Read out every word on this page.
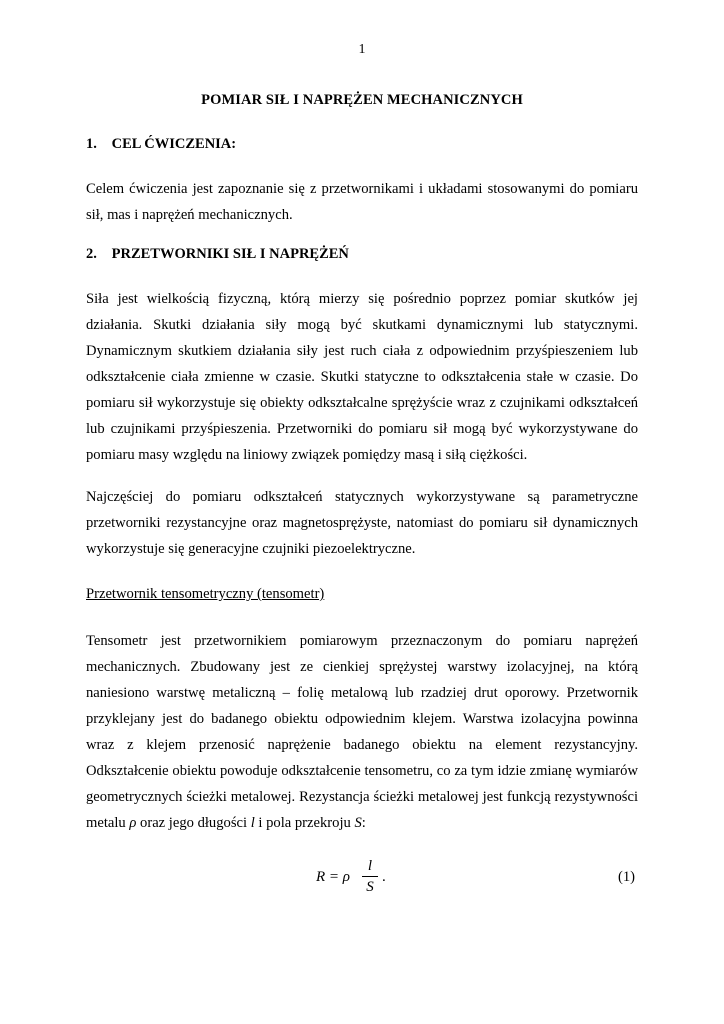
1
POMIAR SIŁ I NAPRĘŻEN MECHANICZNYCH
1. CEL ĆWICZENIA:
Celem ćwiczenia jest zapoznanie się z przetwornikami i układami stosowanymi do pomiaru
sił, mas i naprężeń mechanicznych.
2. PRZETWORNIKI SIŁ I NAPRĘŻEŃ
Siła jest wielkością fizyczną, którą mierzy się pośrednio poprzez pomiar skutków jej
działania. Skutki działania siły mogą być skutkami dynamicznymi lub statycznymi.
Dynamicznym skutkiem działania siły jest ruch ciała z odpowiednim przyśpieszeniem lub
odkształcenie ciała zmienne w czasie. Skutki statyczne to odkształcenia stałe w czasie. Do
pomiaru sił wykorzystuje się obiekty odkształcalne sprężyście wraz z czujnikami odkształceń
lub czujnikami przyśpieszenia. Przetworniki do pomiaru sił mogą być wykorzystywane do
pomiaru masy względu na liniowy związek pomiędzy masą i siłą ciężkości.
Najczęściej do pomiaru odkształceń statycznych wykorzystywane są parametryczne
przetworniki rezystancyjne oraz magnetosprężyste, natomiast do pomiaru sił dynamicznych
wykorzystuje się generacyjne czujniki piezoelektryczne.
Przetwornik tensometryczny (tensometr)
Tensometr jest przetwornikiem pomiarowym przeznaczonym do pomiaru naprężeń
mechanicznych. Zbudowany jest ze cienkiej sprężystej warstwy izolacyjnej, na którą
naniesiono warstwę metaliczną – folię metalową lub rzadziej drut oporowy. Przetwornik
przyklejany jest do badanego obiektu odpowiednim klejem. Warstwa izolacyjna powinna
wraz z klejem przenosić naprężenie badanego obiektu na element rezystancyjny.
Odkształcenie obiektu powoduje odkształcenie tensometru, co za tym idzie zmianę wymiarów
geometrycznych ścieżki metalowej. Rezystancja ścieżki metalowej jest funkcją rezystywności
metalu ρ oraz jego długości l i pola przekroju S:
R = ρ
l
S
.	(1)
